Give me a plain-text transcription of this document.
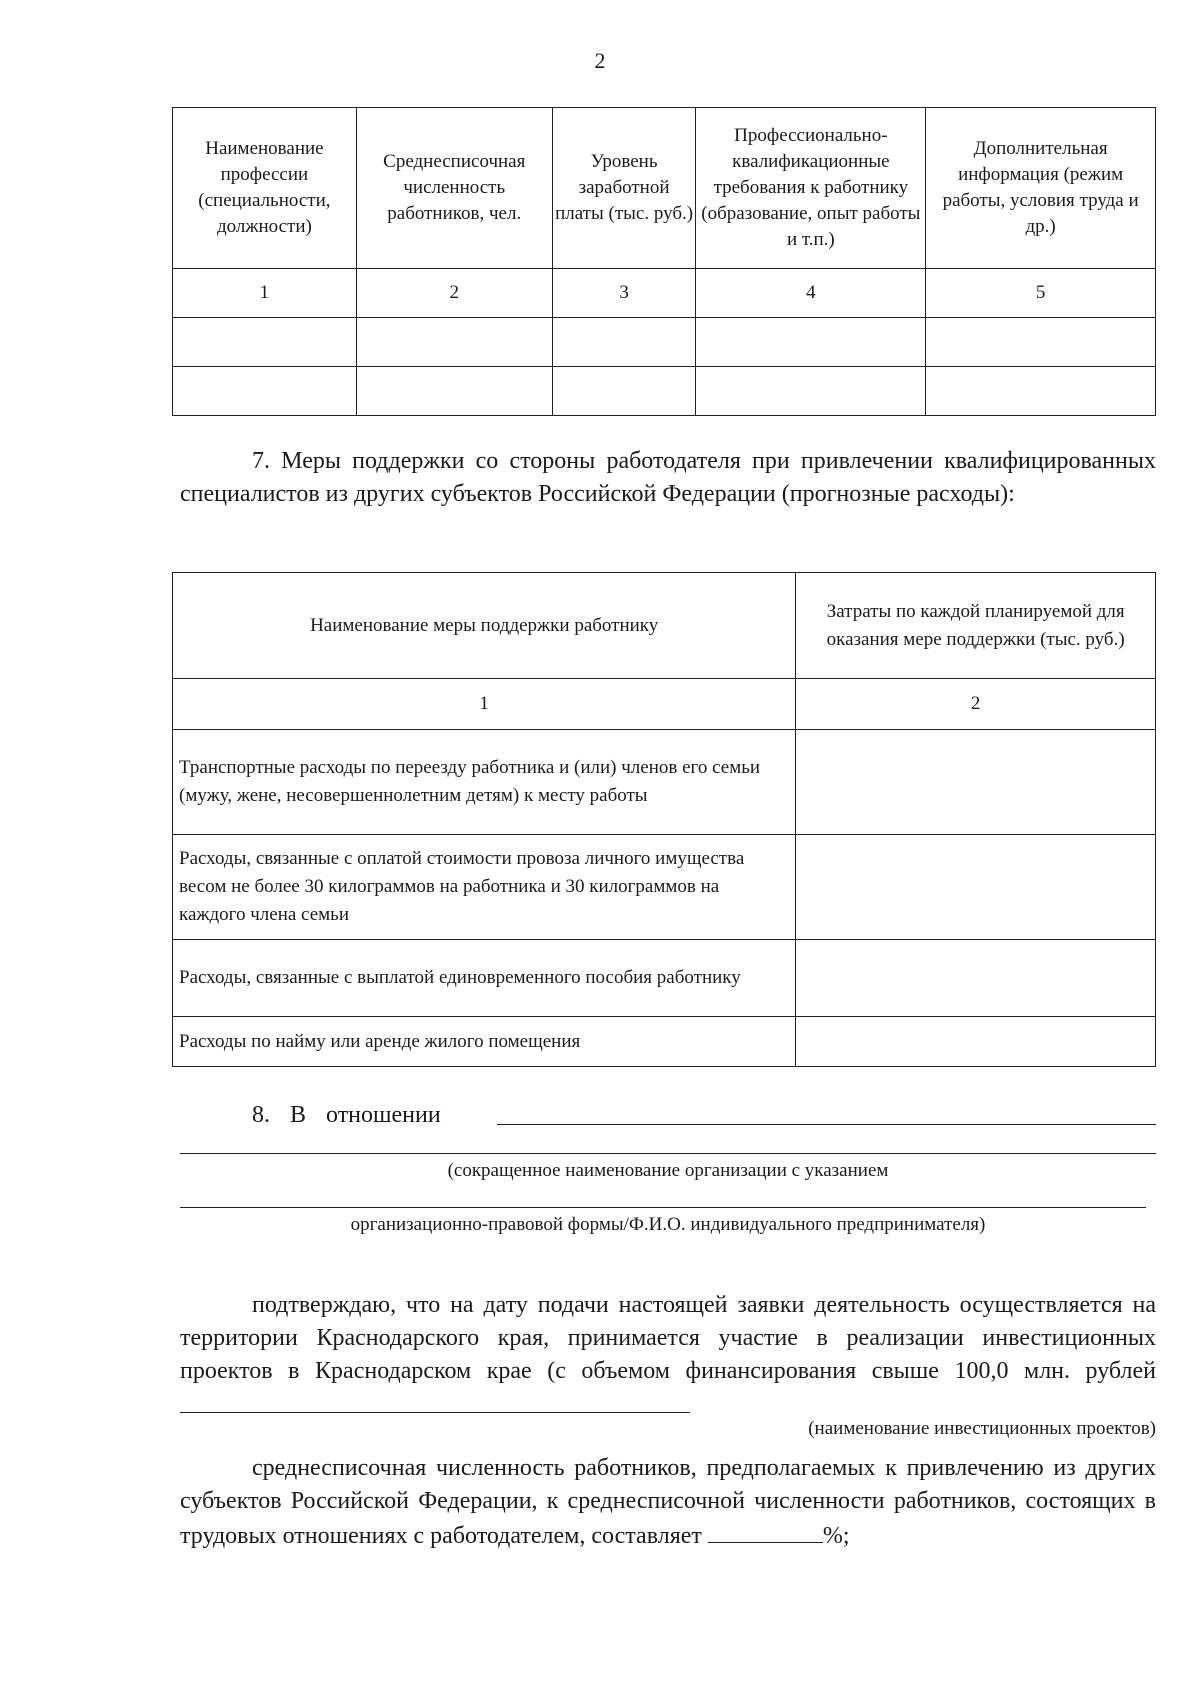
2
Наименование профессии (специальности, должности)	Среднесписочная численность работников, чел.	Уровень заработной платы (тыс. руб.)	Профессионально-квалификационные требования к работнику (образование, опыт работы и т.п.)	Дополнительная информация (режим работы, условия труда и др.)
1	2	3	4	5

7. Меры поддержки со стороны работодателя при привлечении квалифицированных специалистов из других субъектов Российской Федерации (прогнозные расходы):

Наименование меры поддержки работнику	Затраты по каждой планируемой для оказания мере поддержки (тыс. руб.)
1	2
Транспортные расходы по переезду работника и (или) членов его семьи (мужу, жене, несовершеннолетним детям) к месту работы	
Расходы, связанные с оплатой стоимости провоза личного имущества весом не более 30 килограммов на работника и 30 килограммов на каждого члена семьи	
Расходы, связанные с выплатой единовременного пособия работнику	
Расходы по найму или аренде жилого помещения	
8. В отношении
(сокращенное наименование организации с указанием
организационно-правовой формы/Ф.И.О. индивидуального предпринимателя)

подтверждаю, что на дату подачи настоящей заявки деятельность осуществляется на территории Краснодарского края, принимается участие в реализации инвестиционных проектов в Краснодарском крае (с объемом финансирования свыше 100,0 млн. рублей

(наименование инвестиционных проектов)

среднесписочная численность работников, предполагаемых к привлечению из других субъектов Российской Федерации, к среднесписочной численности работников, состоящих в трудовых отношениях с работодателем, составляет	%;
